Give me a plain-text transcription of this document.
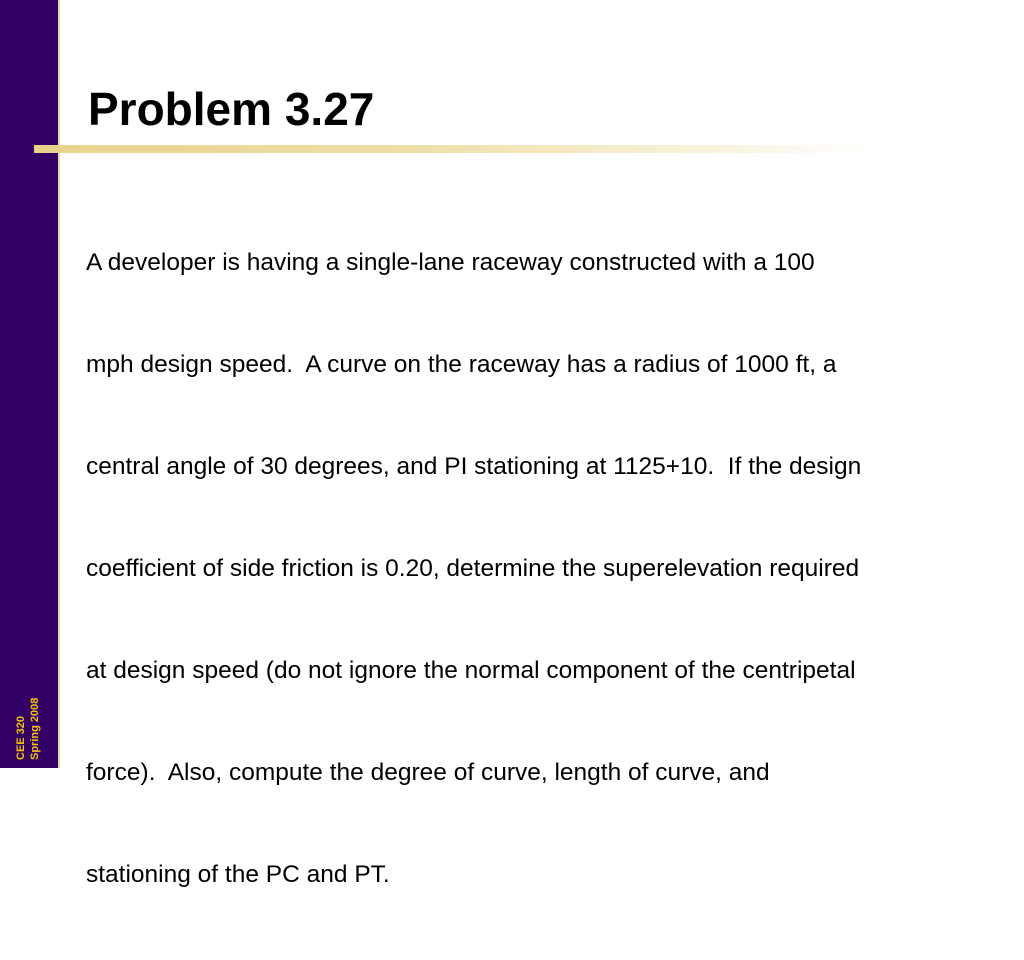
CEE 320 Spring 2008
Problem 3.27

A developer is having a single-lane raceway constructed with a 100

mph design speed.  A curve on the raceway has a radius of 1000 ft, a

central angle of 30 degrees, and PI stationing at 1125+10.  If the design

coefficient of side friction is 0.20, determine the superelevation required

at design speed (do not ignore the normal component of the centripetal

force).  Also, compute the degree of curve, length of curve, and

stationing of the PC and PT.
